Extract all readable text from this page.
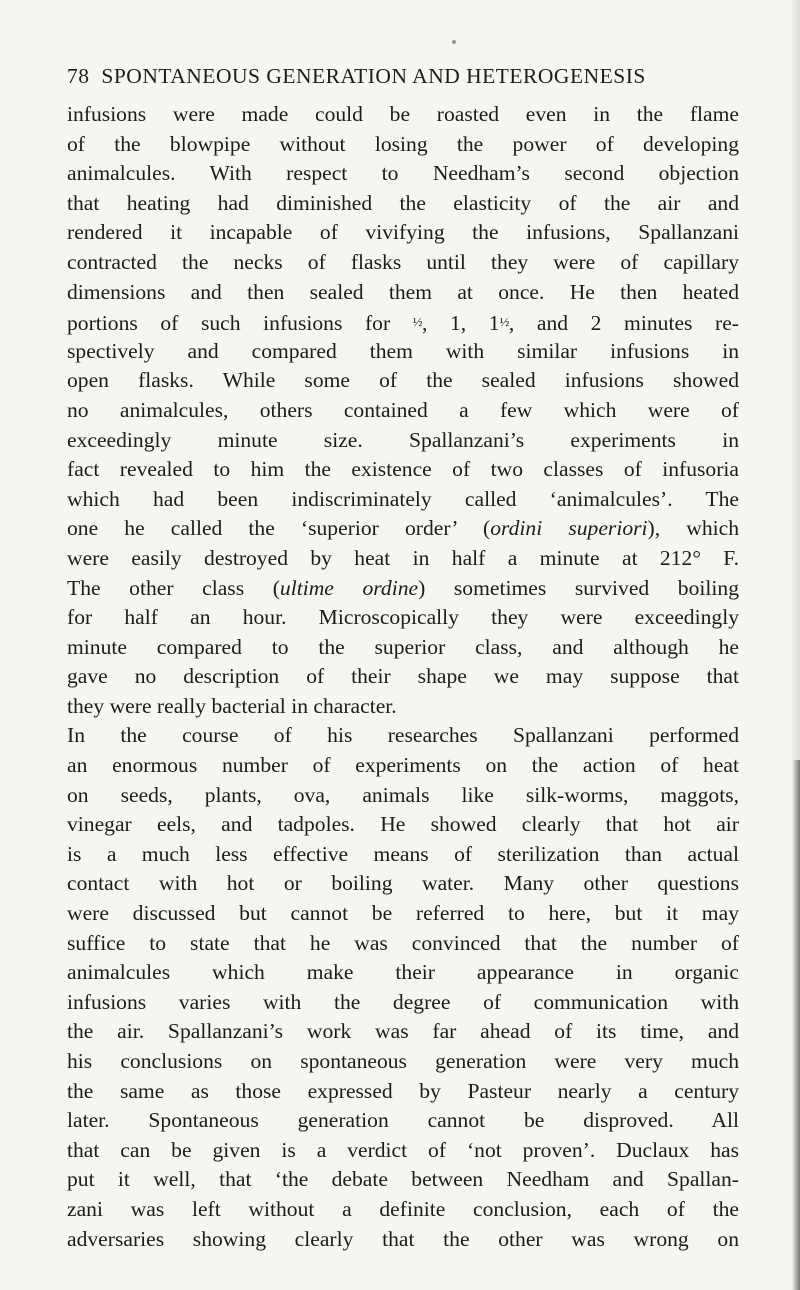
78 SPONTANEOUS GENERATION AND HETEROGENESIS
infusions were made could be roasted even in the flame
of the blowpipe without losing the power of developing
animalcules. With respect to Needham’s second objection
that heating had diminished the elasticity of the air and
rendered it incapable of vivifying the infusions, Spallanzani
contracted the necks of flasks until they were of capillary
dimensions and then sealed them at once. He then heated
portions of such infusions for ½, 1, 1½, and 2 minutes re-
spectively and compared them with similar infusions in
open flasks. While some of the sealed infusions showed
no animalcules, others contained a few which were of
exceedingly minute size. Spallanzani’s experiments in
fact revealed to him the existence of two classes of infusoria
which had been indiscriminately called ‘animalcules’. The
one he called the ‘superior order’ (ordini superiori), which
were easily destroyed by heat in half a minute at 212° F.
The other class (ultime ordine) sometimes survived boiling
for half an hour. Microscopically they were exceedingly
minute compared to the superior class, and although he
gave no description of their shape we may suppose that
they were really bacterial in character.
In the course of his researches Spallanzani performed
an enormous number of experiments on the action of heat
on seeds, plants, ova, animals like silk-worms, maggots,
vinegar eels, and tadpoles. He showed clearly that hot air
is a much less effective means of sterilization than actual
contact with hot or boiling water. Many other questions
were discussed but cannot be referred to here, but it may
suffice to state that he was convinced that the number of
animalcules which make their appearance in organic
infusions varies with the degree of communication with
the air. Spallanzani’s work was far ahead of its time, and
his conclusions on spontaneous generation were very much
the same as those expressed by Pasteur nearly a century
later. Spontaneous generation cannot be disproved. All
that can be given is a verdict of ‘not proven’. Duclaux has
put it well, that ‘the debate between Needham and Spallan-
zani was left without a definite conclusion, each of the
adversaries showing clearly that the other was wrong on
